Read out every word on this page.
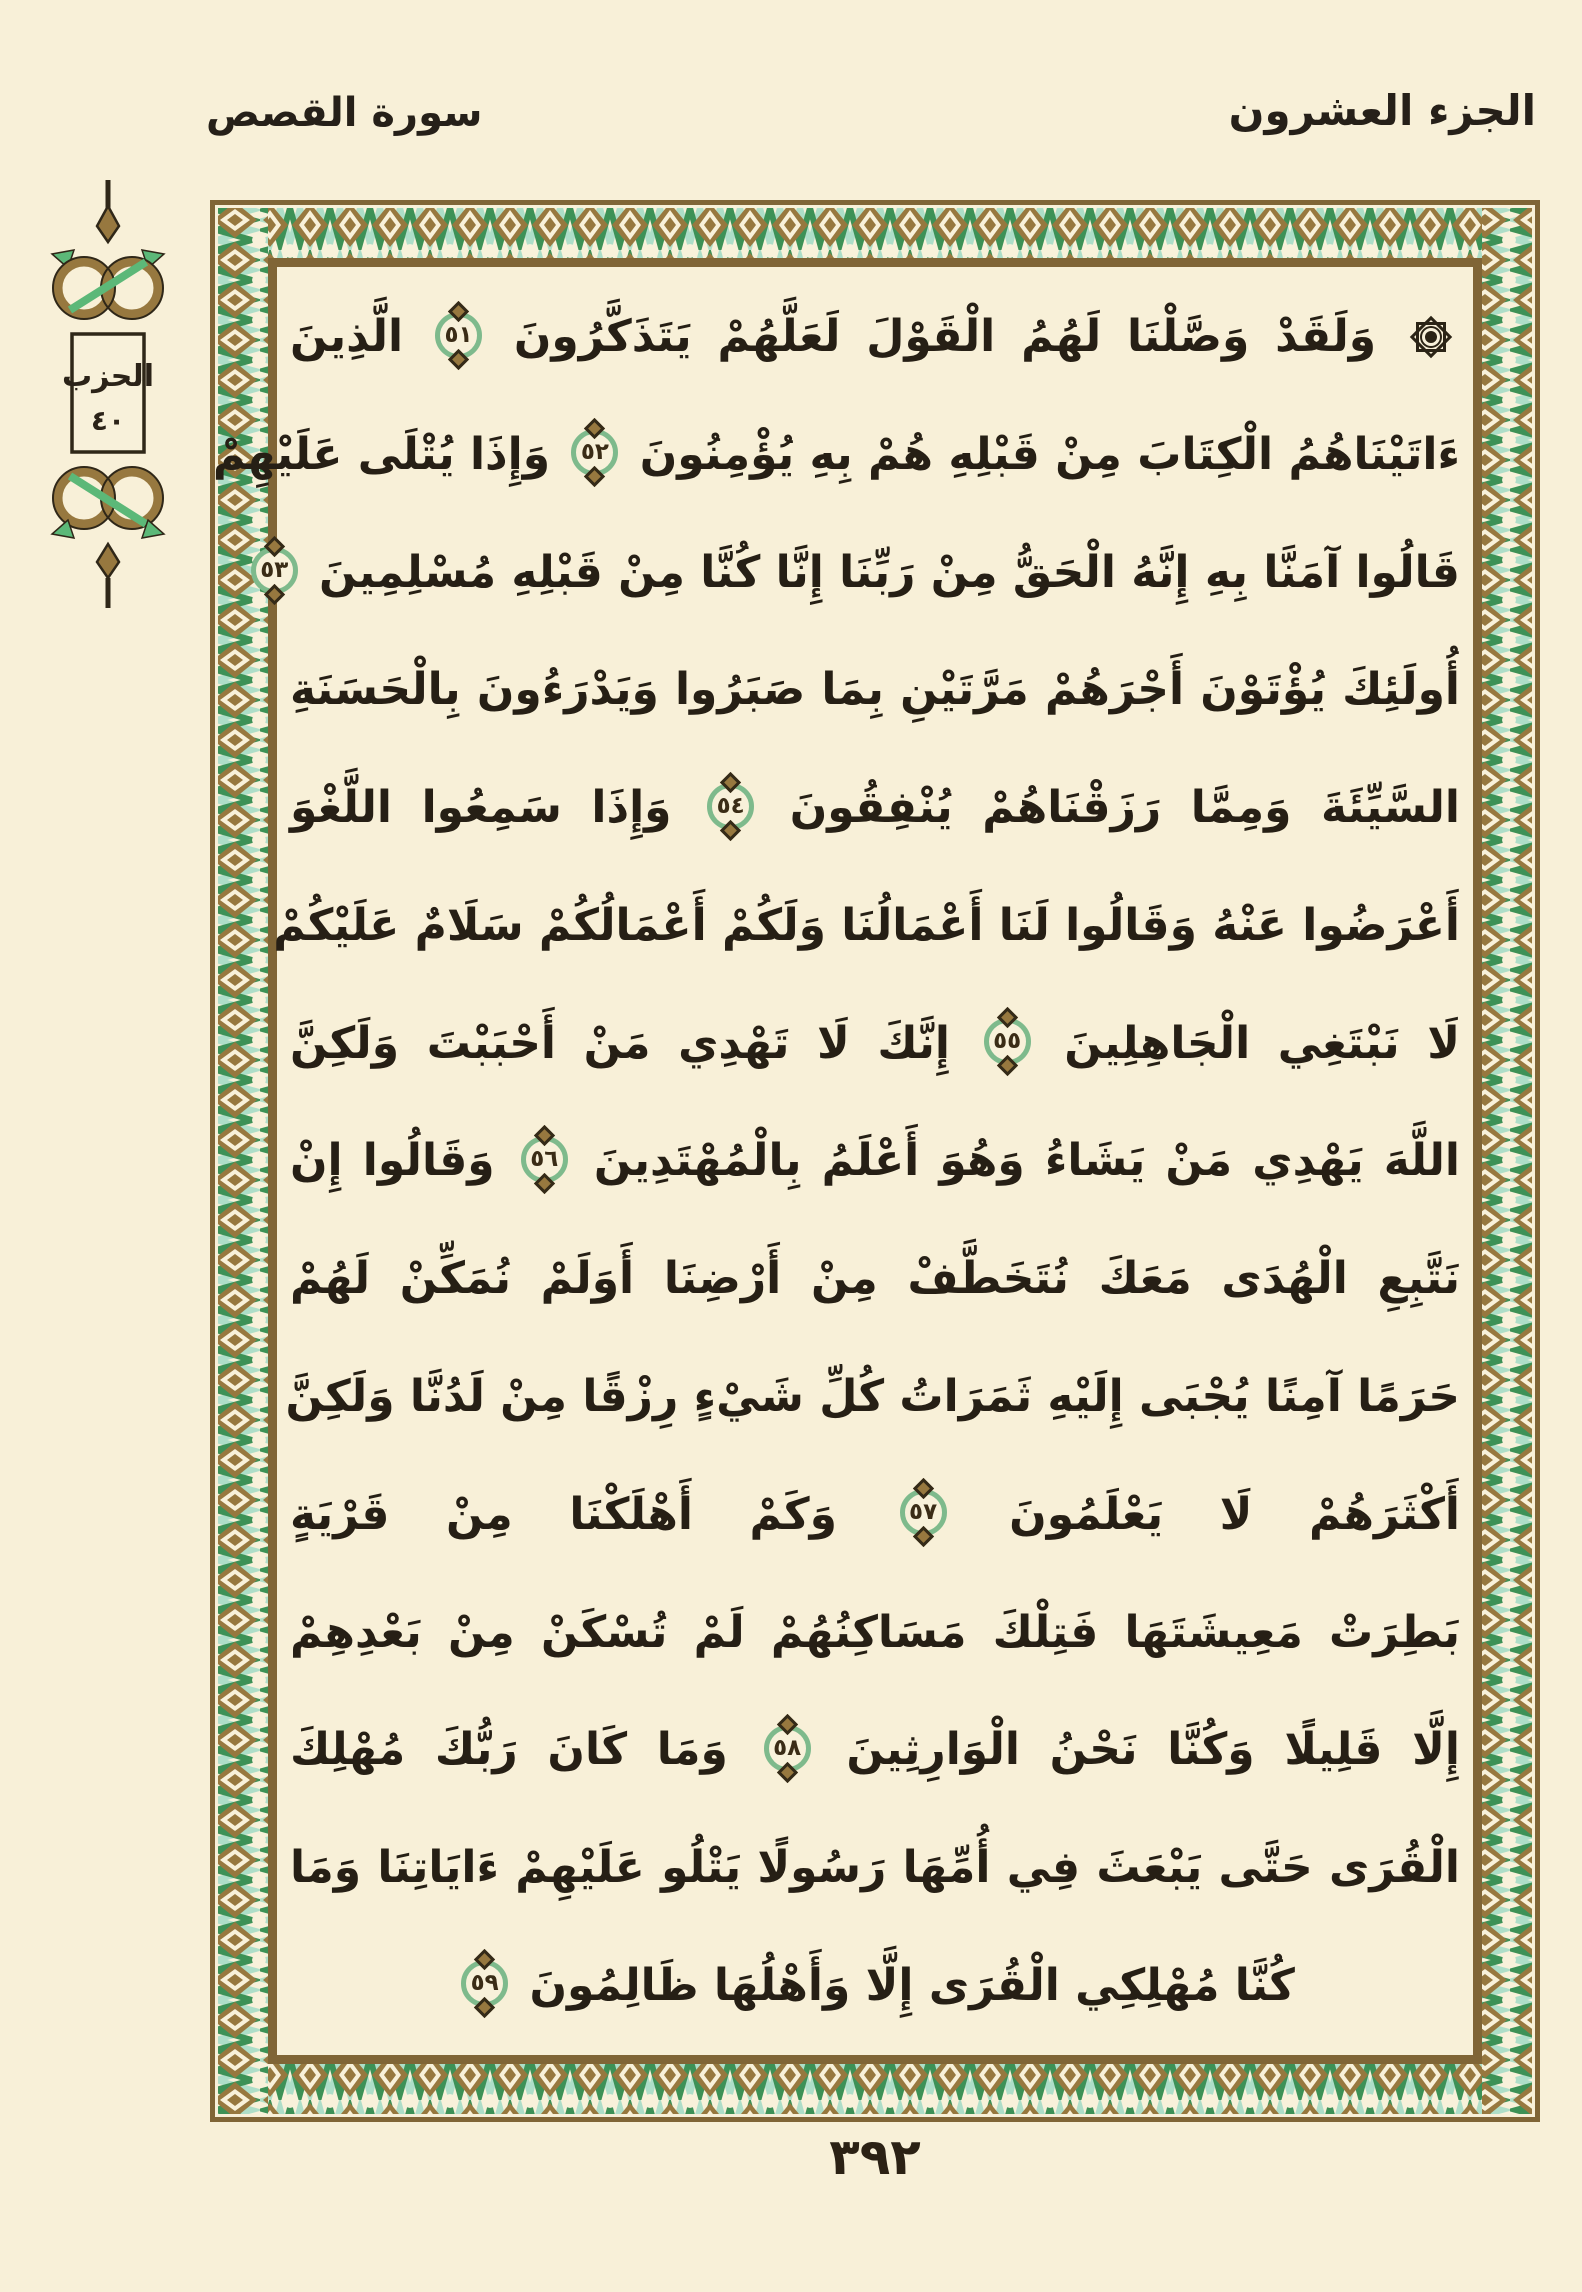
الجزء العشرون
سورة القصص
الحزب
٤٠
وَلَقَدْ وَصَّلْنَا لَهُمُ الْقَوْلَ لَعَلَّهُمْ يَتَذَكَّرُونَ
٥١
الَّذِينَ
ءَاتَيْنَاهُمُ الْكِتَابَ مِنْ قَبْلِهِ هُمْ بِهِ يُؤْمِنُونَ
٥٢
وَإِذَا يُتْلَى عَلَيْهِمْ
قَالُوا آمَنَّا بِهِ إِنَّهُ الْحَقُّ مِنْ رَبِّنَا إِنَّا كُنَّا مِنْ قَبْلِهِ مُسْلِمِينَ
٥٣
أُولَئِكَ يُؤْتَوْنَ أَجْرَهُمْ مَرَّتَيْنِ بِمَا صَبَرُوا وَيَدْرَءُونَ بِالْحَسَنَةِ
السَّيِّئَةَ وَمِمَّا رَزَقْنَاهُمْ يُنْفِقُونَ
٥٤
وَإِذَا سَمِعُوا اللَّغْوَ
أَعْرَضُوا عَنْهُ وَقَالُوا لَنَا أَعْمَالُنَا وَلَكُمْ أَعْمَالُكُمْ سَلَامٌ عَلَيْكُمْ
لَا نَبْتَغِي الْجَاهِلِينَ
٥٥
إِنَّكَ لَا تَهْدِي مَنْ أَحْبَبْتَ وَلَكِنَّ
اللَّهَ يَهْدِي مَنْ يَشَاءُ وَهُوَ أَعْلَمُ بِالْمُهْتَدِينَ
٥٦
وَقَالُوا إِنْ
نَتَّبِعِ الْهُدَى مَعَكَ نُتَخَطَّفْ مِنْ أَرْضِنَا أَوَلَمْ نُمَكِّنْ لَهُمْ
حَرَمًا آمِنًا يُجْبَى إِلَيْهِ ثَمَرَاتُ كُلِّ شَيْءٍ رِزْقًا مِنْ لَدُنَّا وَلَكِنَّ
أَكْثَرَهُمْ لَا يَعْلَمُونَ
٥٧
وَكَمْ أَهْلَكْنَا مِنْ قَرْيَةٍ
بَطِرَتْ مَعِيشَتَهَا فَتِلْكَ مَسَاكِنُهُمْ لَمْ تُسْكَنْ مِنْ بَعْدِهِمْ
إِلَّا قَلِيلًا وَكُنَّا نَحْنُ الْوَارِثِينَ
٥٨
وَمَا كَانَ رَبُّكَ مُهْلِكَ
الْقُرَى حَتَّى يَبْعَثَ فِي أُمِّهَا رَسُولًا يَتْلُو عَلَيْهِمْ ءَايَاتِنَا وَمَا
كُنَّا مُهْلِكِي الْقُرَى إِلَّا وَأَهْلُهَا ظَالِمُونَ
٥٩
٣٩٢
